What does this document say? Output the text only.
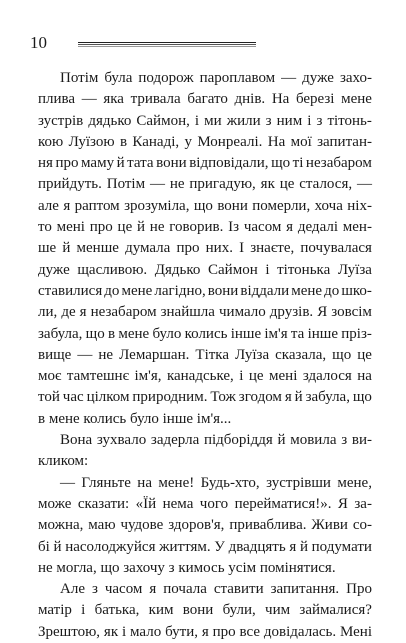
10
Потім була подорож пароплавом — дуже захо-
плива — яка тривала багато днів. На березі мене
зустрів дядько Саймон, і ми жили з ним і з тітонь-
кою Луїзою в Канаді, у Монреалі. На мої запитан-
ня про маму й тата вони відповідали, що ті незабаром
прийдуть. Потім — не пригадую, як це сталося, —
але я раптом зрозуміла, що вони померли, хоча ніх-
то мені про це й не говорив. Із часом я дедалі мен-
ше й менше думала про них. І знаєте, почувалася
дуже щасливою. Дядько Саймон і тітонька Луїза
ставилися до мене лагідно, вони віддали мене до шко-
ли, де я незабаром знайшла чимало друзів. Я зовсім
забула, що в мене було колись інше ім'я та інше пріз-
вище — не Лемаршан. Тітка Луїза сказала, що це
моє тамтешнє ім'я, канадське, і це мені здалося на
той час цілком природним. Тож згодом я й забула, що
в мене колись було інше ім'я...
Вона зухвало задерла підборіддя й мовила з ви-
кликом:
— Гляньте на мене! Будь-хто, зустрівши мене,
може сказати: «Їй нема чого перейматися!». Я за-
можна, маю чудове здоров'я, приваблива. Живи со-
бі й насолоджуйся життям. У двадцять я й подумати
не могла, що захочу з кимось усім помінятися.
Але з часом я почала ставити запитання. Про
матір і батька, ким вони були, чим займалися?
Зрештою, як і мало бути, я про все довідалась. Мені
